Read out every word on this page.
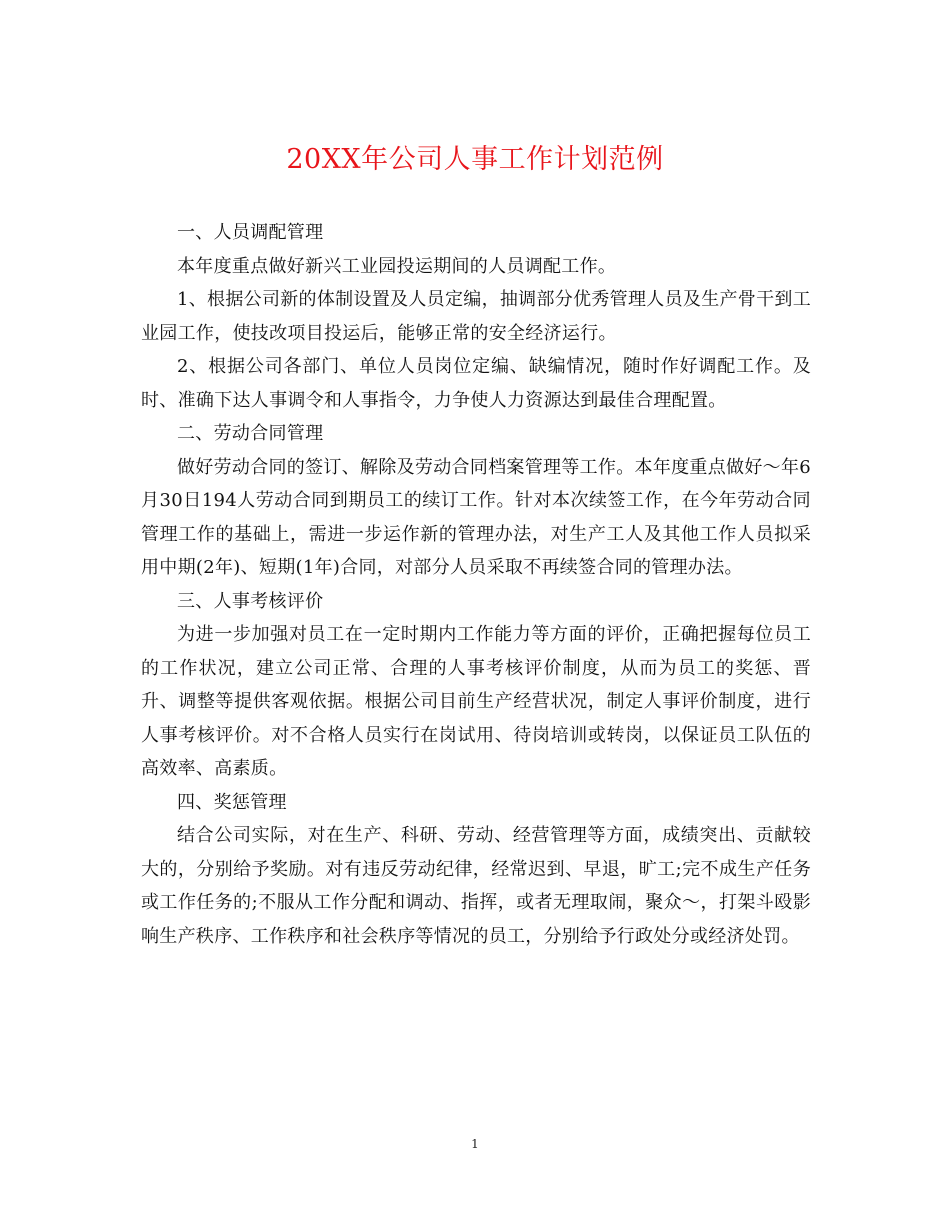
20XX年公司人事工作计划范例

一、人员调配管理

本年度重点做好新兴工业园投运期间的人员调配工作。

1、根据公司新的体制设置及人员定编，抽调部分优秀管理人员及生产骨干到工业园工作，使技改项目投运后，能够正常的安全经济运行。

2、根据公司各部门、单位人员岗位定编、缺编情况，随时作好调配工作。及时、准确下达人事调令和人事指令，力争使人力资源达到最佳合理配置。

二、劳动合同管理

做好劳动合同的签订、解除及劳动合同档案管理等工作。本年度重点做好～年6月30日194人劳动合同到期员工的续订工作。针对本次续签工作，在今年劳动合同管理工作的基础上，需进一步运作新的管理办法，对生产工人及其他工作人员拟采用中期(2年)、短期(1年)合同，对部分人员采取不再续签合同的管理办法。

三、人事考核评价

为进一步加强对员工在一定时期内工作能力等方面的评价，正确把握每位员工的工作状况，建立公司正常、合理的人事考核评价制度，从而为员工的奖惩、晋升、调整等提供客观依据。根据公司目前生产经营状况，制定人事评价制度，进行人事考核评价。对不合格人员实行在岗试用、待岗培训或转岗，以保证员工队伍的高效率、高素质。

四、奖惩管理

结合公司实际，对在生产、科研、劳动、经营管理等方面，成绩突出、贡献较大的，分别给予奖励。对有违反劳动纪律，经常迟到、早退，旷工;完不成生产任务或工作任务的;不服从工作分配和调动、指挥，或者无理取闹，聚众～，打架斗殴影响生产秩序、工作秩序和社会秩序等情况的员工，分别给予行政处分或经济处罚。

1
